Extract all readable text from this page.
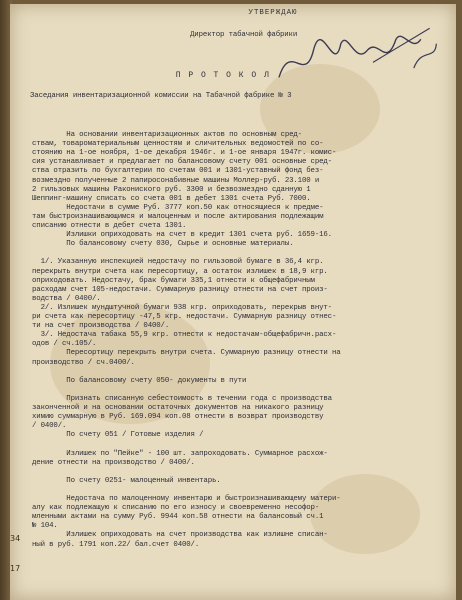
УТВЕРЖДАЮ
Директор табачной фабрики
П Р О Т О К О Л
Заседания инвентаризационной комиссии на Табачной фабрике № 3
На основании инвентаризационных актов по основным сред-
ствам, товароматериальным ценностям и сличительных ведомостей по со-
стоянию на 1-ое ноября, 1-ое декабря 1946г. и 1-ое января 1947г. комис-
сия устанавливает и предлагает по балансовому счету 001 основные сред-
ства отразить по бухгалтерии по счетам 001 и 1301-уставный фонд без-
возмездно полученные 2 папиросонабивные машины Моллер-руб. 23.100 и
2 гильзовых машины Ракониского руб. 3300 и безвозмездно сданную 1
Шеппинг-машину списать со счета 001 в дебет 1301 счета Руб. 7000.
Недостачи в сумме Руб. 3777 коп.50 как относящиеся к предме-
там быстроизнашивающимся и малоценным и после актирования подлежащим
списанию отнести в дебет счета 1301.
Излишки оприходовать на счет в кредит 1301 счета руб. 1659-16.
По балансовому счету 030, Сырье и основные материалы.
1/. Указанную инспекцией недостачу по гильзовой бумаге в 36,4 кгр.
перекрыть внутри счета как пересортицу, а остаток излишек в 18,9 кгр.
оприходовать. Недостачу, брак бумаги 335,1 отнести к общефабричным
расходам счет 105-недостачи. Суммарную разницу отнести на счет произ-
водства / 0400/.
2/. Излишек мундштучной бумаги 938 кгр. оприходовать, перекрыв внут-
ри счета как пересортицу -47,5 кгр. недостачи. Суммарную разницу отнес-
ти на счет производства / 0400/.
3/. Недостача табака 55,9 кгр. отнести к недостачам-общефабричн.расх-
одов / сч.105/.
Пересортицу перекрыть внутри счета. Суммарную разницу отнести на
производство / сч.0400/.
По балансовому счету 050- документы в пути
Признать списанную себестоимость в течении года с производства
законченной и на основании остаточных документов на никакого разницу
химию суммарную в Руб. 169.094 коп.08 отнести в возврат производству
/ 0400/.
По счету 051 / Готовые изделия /
Излишек по "Пейке" - 100 шт. запроходовать. Суммарное расхож-
дение отнести на производство / 0400/.
По счету 0251- малоценный инвентарь.
Недостача по малоценному инвентарю и быстроизнашивающему матери-
алу как подлежащую к списанию по его износу и своевременно несофор-
мленными актами на сумму Руб. 9944 коп.58 отнести на балансовый сч.1
№ 104.
Излишек оприходовать на счет производства как излишне списан-
ный в руб. 1791 коп.22/ бал.счет 0400/.
34
17
